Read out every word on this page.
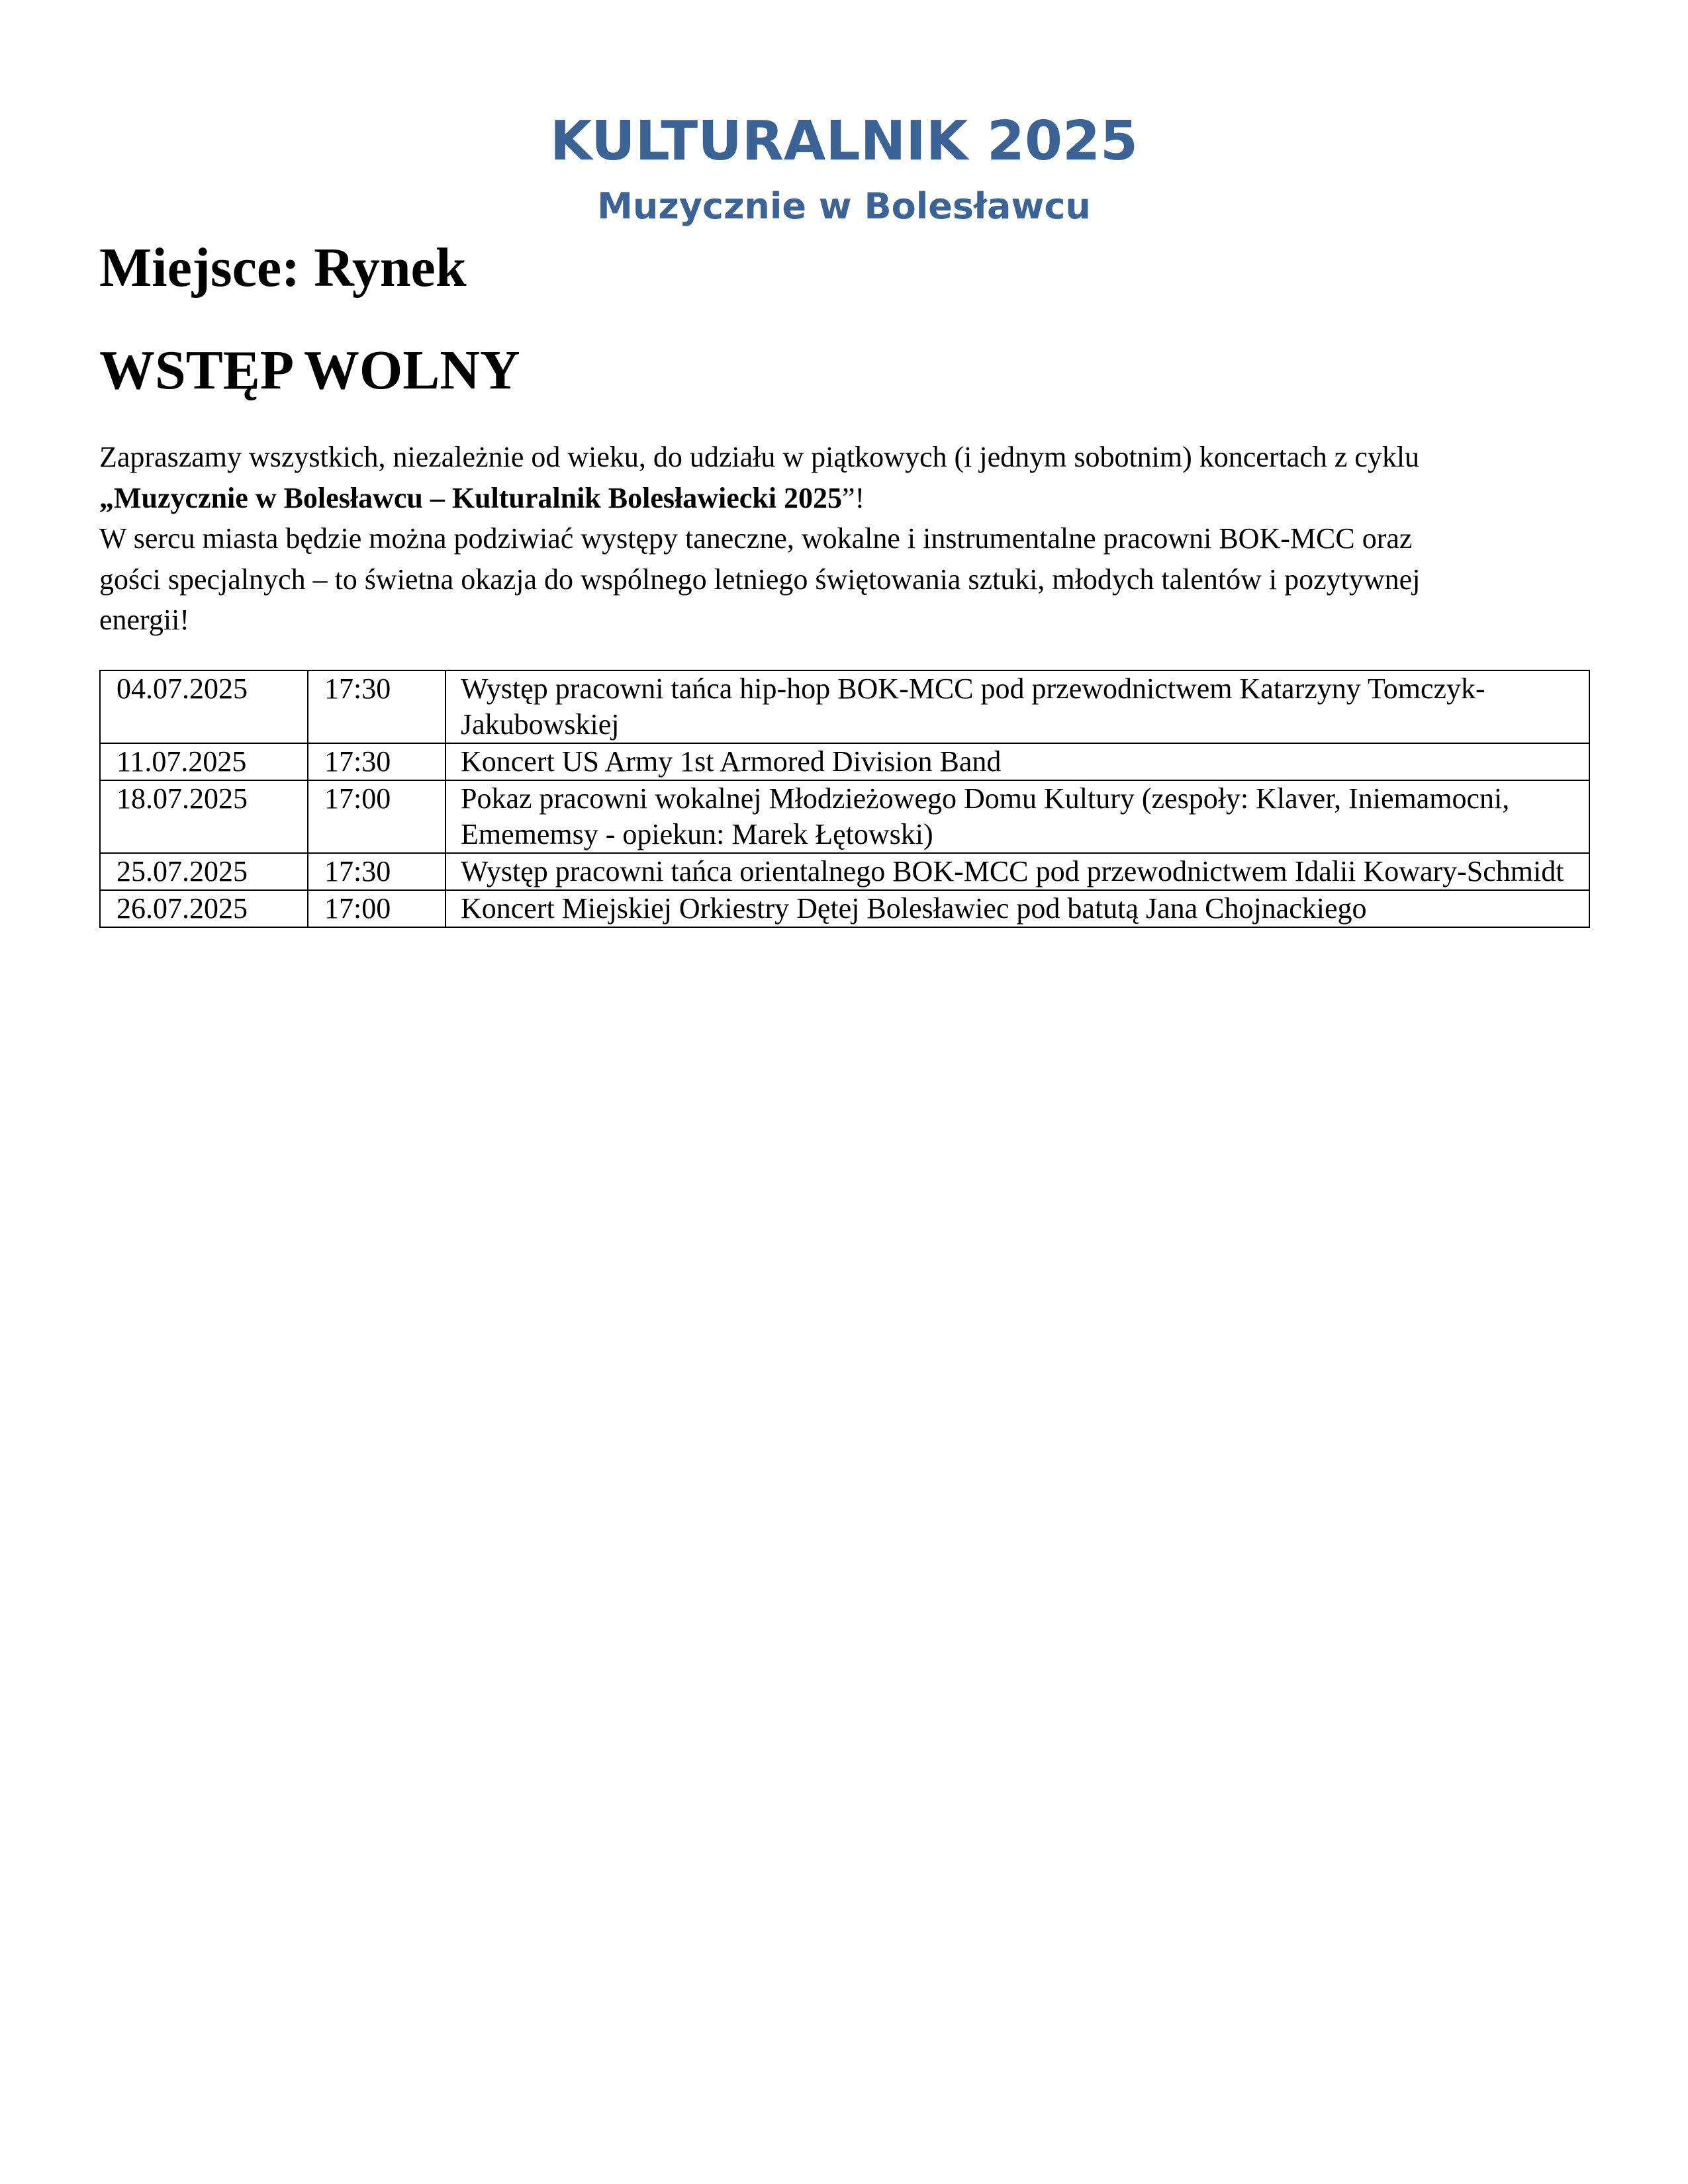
KULTURALNIK 2025
Muzycznie w Bolesławcu
Miejsce: Rynek
WSTĘP WOLNY

Zapraszamy wszystkich, niezależnie od wieku, do udziału w piątkowych (i jednym sobotnim) koncertach z cyklu
„Muzycznie w Bolesławcu – Kulturalnik Bolesławiecki 2025”!
W sercu miasta będzie można podziwiać występy taneczne, wokalne i instrumentalne pracowni BOK-MCC oraz
gości specjalnych – to świetna okazja do wspólnego letniego świętowania sztuki, młodych talentów i pozytywnej
energii!

04.07.2025	17:30	Występ pracowni tańca hip-hop BOK-MCC pod przewodnictwem Katarzyny Tomczyk-Jakubowskiej
11.07.2025	17:30	Koncert US Army 1st Armored Division Band
18.07.2025	17:00	Pokaz pracowni wokalnej Młodzieżowego Domu Kultury (zespoły: Klaver, Iniemamocni, Emememsy - opiekun: Marek Łętowski)
25.07.2025	17:30	Występ pracowni tańca orientalnego BOK-MCC pod przewodnictwem Idalii Kowary-Schmidt
26.07.2025	17:00	Koncert Miejskiej Orkiestry Dętej Bolesławiec pod batutą Jana Chojnackiego
